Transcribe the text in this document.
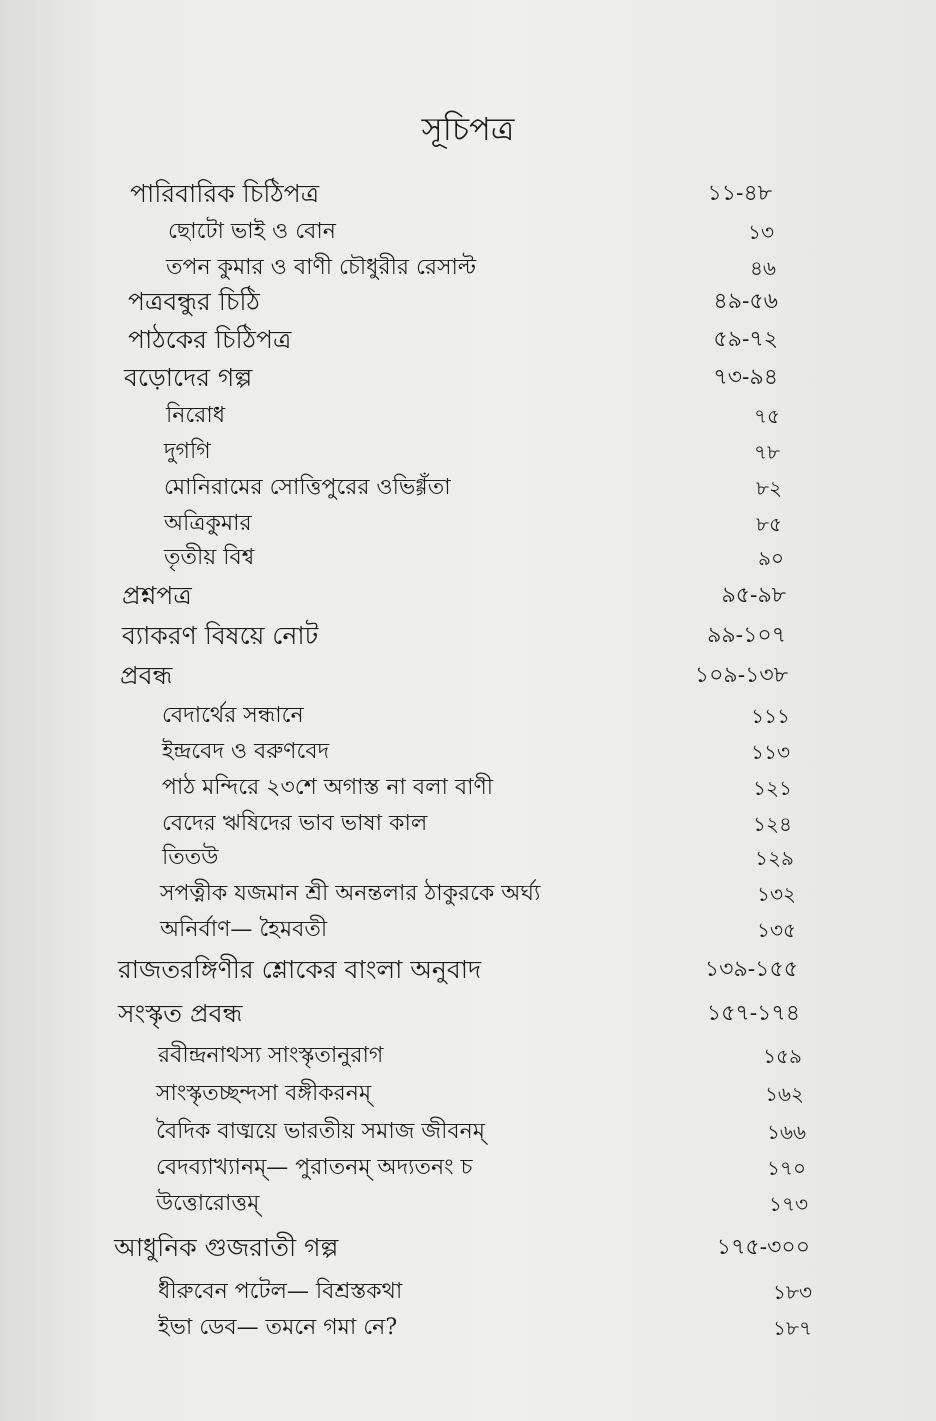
সূচিপত্র
পারিবারিক চিঠিপত্র	১১-৪৮
ছোটো ভাই ও বোন	১৩
তপন কুমার ও বাণী চৌধুরীর রেসাল্ট	৪৬
পত্রবন্ধুর চিঠি	৪৯-৫৬
পাঠকের চিঠিপত্র	৫৯-৭২
বড়োদের গল্প	৭৩-৯৪
নিরোধ	৭৫
দুগগি	৭৮
মোনিরামের সোত্তিপুরের ওভিগ্গঁতা	৮২
অত্রিকুমার	৮৫
তৃতীয় বিশ্ব	৯০
প্রশ্নপত্র	৯৫-৯৮
ব্যাকরণ বিষয়ে নোট	৯৯-১০৭
প্রবন্ধ	১০৯-১৩৮
বেদার্থের সন্ধানে	১১১
ইন্দ্রবেদ ও বরুণবেদ	১১৩
পাঠ মন্দিরে ২৩শে অগাস্ত না বলা বাণী	১২১
বেদের ঋষিদের ভাব ভাষা কাল	১২৪
তিতউ	১২৯
সপত্নীক যজমান শ্রী অনন্তলার ঠাকুরকে অর্ঘ্য	১৩২
অনির্বাণ— হৈমবতী	১৩৫
রাজতরঙ্গিণীর শ্লোকের বাংলা অনুবাদ	১৩৯-১৫৫
সংস্কৃত প্রবন্ধ	১৫৭-১৭৪
রবীন্দ্রনাথস্য সাংস্কৃতানুরাগ	১৫৯
সাংস্কৃতচ্ছন্দসা বঙ্গীকরনম্	১৬২
বৈদিক বাঙ্ময়ে ভারতীয় সমাজ জীবনম্	১৬৬
বেদব্যাখ্যানম্— পুরাতনম্ অদ্যতনং চ	১৭০
উত্তোরোত্তম্	১৭৩
আধুনিক গুজরাতী গল্প	১৭৫-৩০০
ধীরুবেন পটেল— বিশ্রস্তকথা	১৮৩
ইভা ডেব— তমনে গমা নে?	১৮৭
